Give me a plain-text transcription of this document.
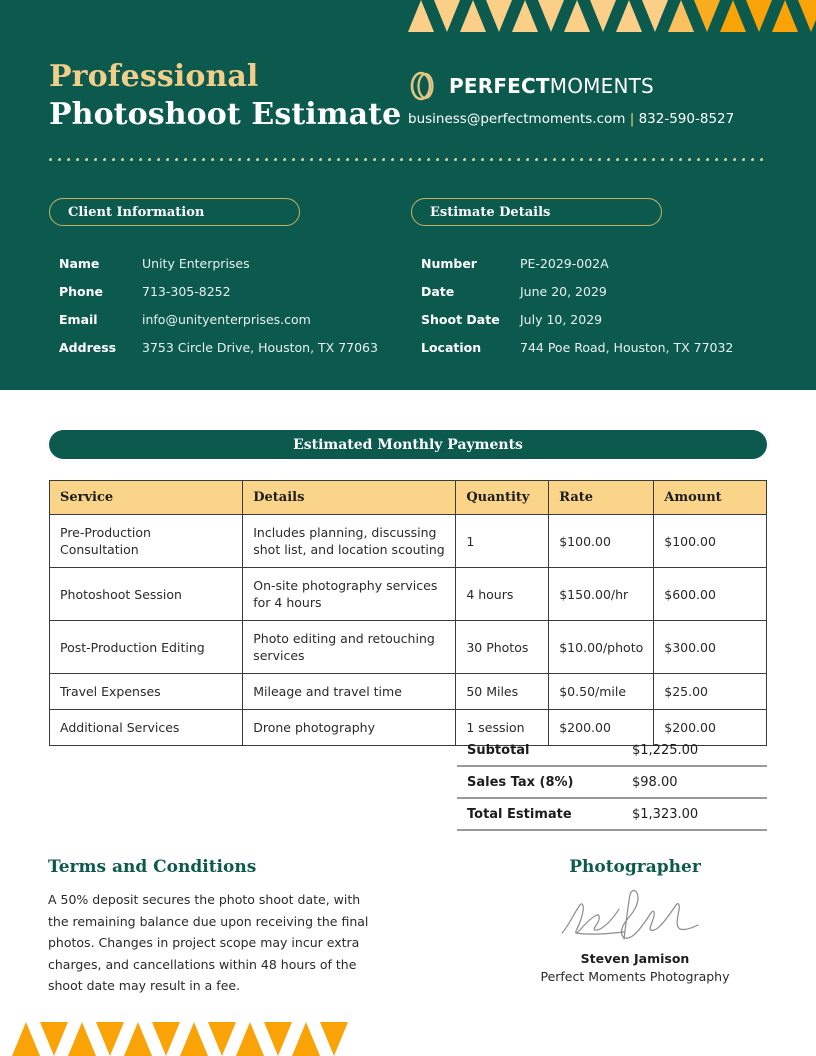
Professional
Photoshoot Estimate
PERFECTMOMENTS
business@perfectmoments.com | 832-590-8527
Client Information	Estimate Details
Name	Unity Enterprises
Phone	713-305-8252
Email	info@unityenterprises.com
Address	3753 Circle Drive, Houston, TX 77063
Number	PE-2029-002A
Date	June 20, 2029
Shoot Date	July 10, 2029
Location	744 Poe Road, Houston, TX 77032
Estimated Monthly Payments
Service	Details	Quantity	Rate	Amount
Pre-Production Consultation	Includes planning, discussing shot list, and location scouting	1	$100.00	$100.00
Photoshoot Session	On-site photography services for 4 hours	4 hours	$150.00/hr	$600.00
Post-Production Editing	Photo editing and retouching services	30 Photos	$10.00/photo	$300.00
Travel Expenses	Mileage and travel time	50 Miles	$0.50/mile	$25.00
Additional Services	Drone photography	1 session	$200.00	$200.00
Subtotal	$1,225.00
Sales Tax (8%)	$98.00
Total Estimate	$1,323.00
Terms and Conditions
A 50% deposit secures the photo shoot date, with the remaining balance due upon receiving the final photos. Changes in project scope may incur extra charges, and cancellations within 48 hours of the shoot date may result in a fee.
Photographer
Steven Jamison
Perfect Moments Photography
